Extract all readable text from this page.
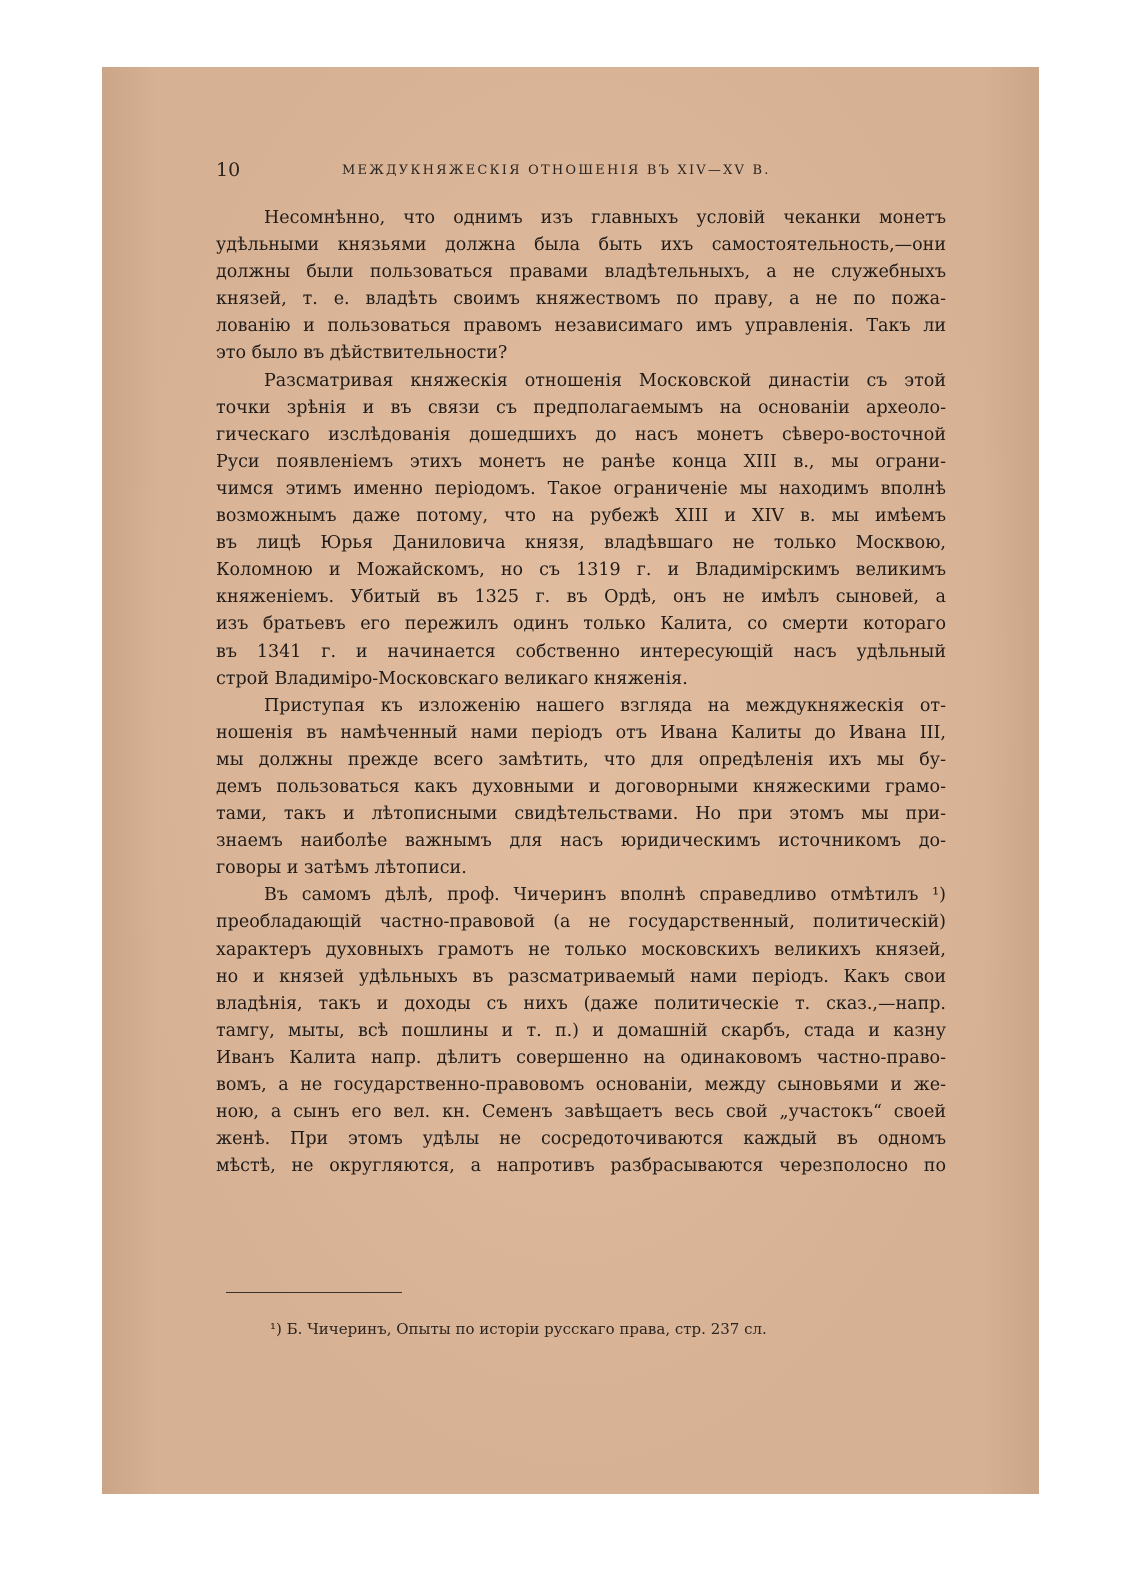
10	МЕЖДУКНЯЖЕСКІЯ ОТНОШЕНІЯ ВЪ XIV—XV В.
Несомнѣнно, что однимъ изъ главныхъ условій чеканки монетъ
удѣльными князьями должна была быть ихъ самостоятельность,—они
должны были пользоваться правами владѣтельныхъ, а не служебныхъ
князей, т. е. владѣть своимъ княжествомъ по праву, а не по пожа-
лованію и пользоваться правомъ независимаго имъ управленія. Такъ ли
это было въ дѣйствительности?
Разсматривая княжескія отношенія Московской династіи съ этой
точки зрѣнія и въ связи съ предполагаемымъ на основаніи археоло-
гическаго изслѣдованія дошедшихъ до насъ монетъ сѣверо-восточной
Руси появленіемъ этихъ монетъ не ранѣе конца XIII в., мы ограни-
чимся этимъ именно періодомъ. Такое ограниченіе мы находимъ вполнѣ
возможнымъ даже потому, что на рубежѣ XIII и XIV в. мы имѣемъ
въ лицѣ Юрья Даниловича князя, владѣвшаго не только Москвою,
Коломною и Можайскомъ, но съ 1319 г. и Владимірскимъ великимъ
княженіемъ. Убитый въ 1325 г. въ Ордѣ, онъ не имѣлъ сыновей, а
изъ братьевъ его пережилъ одинъ только Калита, со смерти котораго
въ 1341 г. и начинается собственно интересующій насъ удѣльный
строй Владиміро-Московскаго великаго княженія.
Приступая къ изложенію нашего взгляда на междукняжескія от-
ношенія въ намѣченный нами періодъ отъ Ивана Калиты до Ивана III,
мы должны прежде всего замѣтить, что для опредѣленія ихъ мы бу-
демъ пользоваться какъ духовными и договорными княжескими грамо-
тами, такъ и лѣтописными свидѣтельствами. Но при этомъ мы при-
знаемъ наиболѣе важнымъ для насъ юридическимъ источникомъ до-
говоры и затѣмъ лѣтописи.
Въ самомъ дѣлѣ, проф. Чичеринъ вполнѣ справедливо отмѣтилъ ¹)
преобладающій частно-правовой (а не государственный, политическій)
характеръ духовныхъ грамотъ не только московскихъ великихъ князей,
но и князей удѣльныхъ въ разсматриваемый нами періодъ. Какъ свои
владѣнія, такъ и доходы съ нихъ (даже политическіе т. сказ.,—напр.
тамгу, мыты, всѣ пошлины и т. п.) и домашній скарбъ, стада и казну
Иванъ Калита напр. дѣлитъ совершенно на одинаковомъ частно-право-
вомъ, а не государственно-правовомъ основаніи, между сыновьями и же-
ною, а сынъ его вел. кн. Семенъ завѣщаетъ весь свой „участокъ“ своей
женѣ. При этомъ удѣлы не сосредоточиваются каждый въ одномъ
мѣстѣ, не округляются, а напротивъ разбрасываются черезполосно по
¹) Б. Чичеринъ, Опыты по исторіи русскаго права, стр. 237 сл.
